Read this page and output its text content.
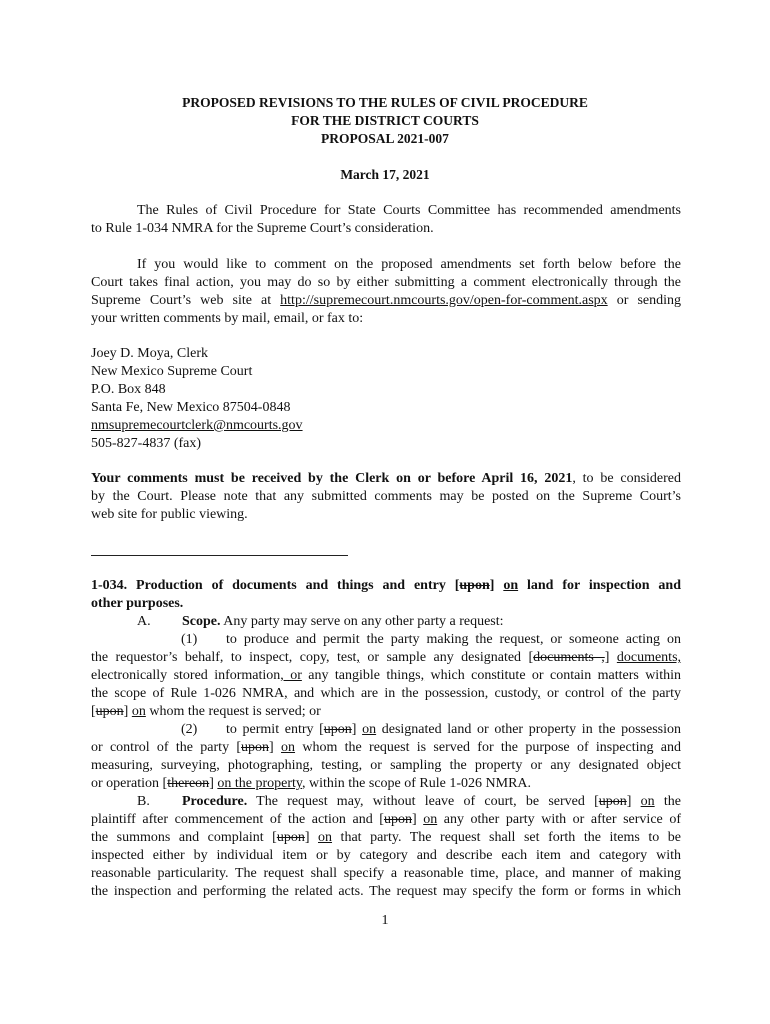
PROPOSED REVISIONS TO THE RULES OF CIVIL PROCEDURE
FOR THE DISTRICT COURTS
PROPOSAL 2021-007
March 17, 2021
The Rules of Civil Procedure for State Courts Committee has recommended amendments
to Rule 1-034 NMRA for the Supreme Court’s consideration.
If you would like to comment on the proposed amendments set forth below before the
Court takes final action, you may do so by either submitting a comment electronically through the
Supreme Court’s web site at http://supremecourt.nmcourts.gov/open-for-comment.aspx or sending
your written comments by mail, email, or fax to:
Joey D. Moya, Clerk
New Mexico Supreme Court
P.O. Box 848
Santa Fe, New Mexico 87504-0848
nmsupremecourtclerk@nmcourts.gov
505-827-4837 (fax)
Your comments must be received by the Clerk on or before April 16, 2021, to be considered
by the Court. Please note that any submitted comments may be posted on the Supreme Court’s
web site for public viewing.
1-034. Production of documents and things and entry [upon] on land for inspection and
other purposes.
A. Scope. Any party may serve on any other party a request:
(1) to produce and permit the party making the request, or someone acting on
the requestor’s behalf, to inspect, copy, test, or sample any designated [documents ,] documents,
electronically stored information, or any tangible things, which constitute or contain matters within
the scope of Rule 1-026 NMRA, and which are in the possession, custody, or control of the party
[upon] on whom the request is served; or
(2) to permit entry [upon] on designated land or other property in the possession
or control of the party [upon] on whom the request is served for the purpose of inspecting and
measuring, surveying, photographing, testing, or sampling the property or any designated object
or operation [thereon] on the property, within the scope of Rule 1-026 NMRA.
B. Procedure. The request may, without leave of court, be served [upon] on the
plaintiff after commencement of the action and [upon] on any other party with or after service of
the summons and complaint [upon] on that party. The request shall set forth the items to be
inspected either by individual item or by category and describe each item and category with
reasonable particularity. The request shall specify a reasonable time, place, and manner of making
the inspection and performing the related acts. The request may specify the form or forms in which
1
